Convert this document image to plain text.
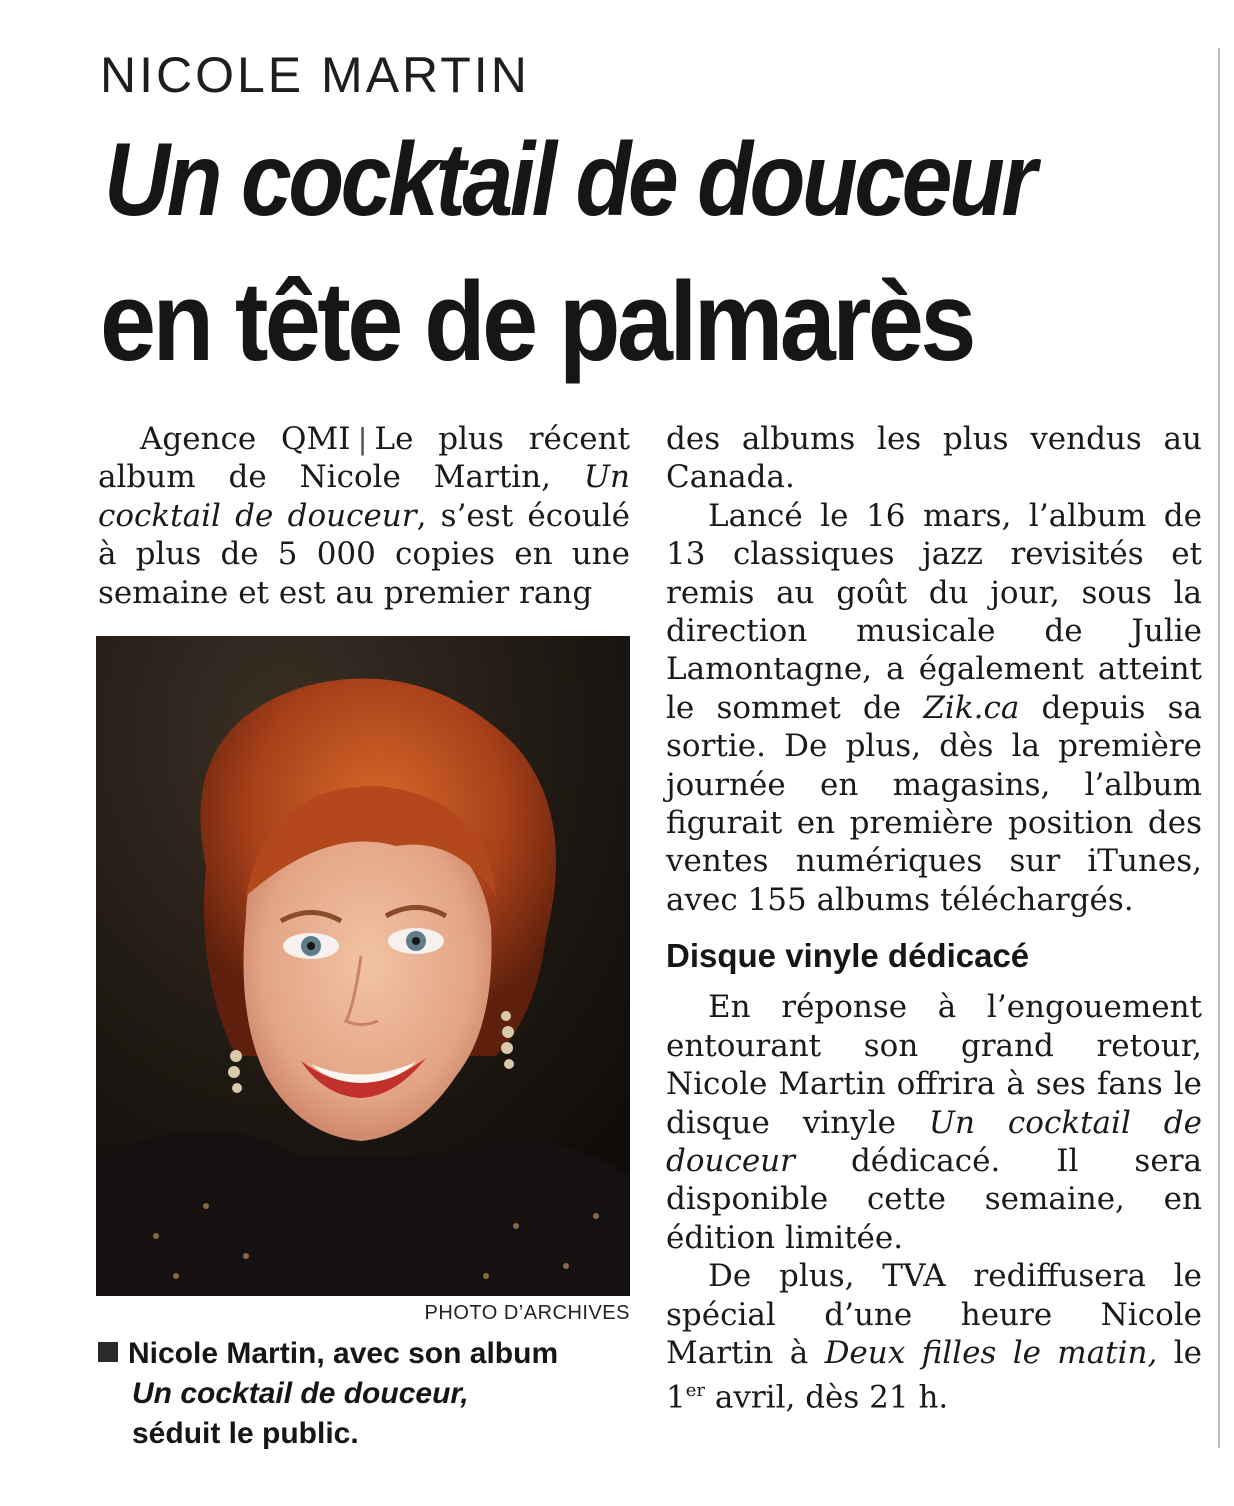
NICOLE MARTIN
Un cocktail de douceur
en tête de palmarès

Agence QMI | Le plus récent album de Nicole Martin, Un cocktail de douceur, s’est écoulé à plus de 5 000 copies en une semaine et est au premier rang

PHOTO D’ARCHIVES
Nicole Martin, avec son album
Un cocktail de douceur,
séduit le public.

des albums les plus vendus au Canada.

Lancé le 16 mars, l’album de 13 classiques jazz revisités et remis au goût du jour, sous la direction musicale de Julie Lamontagne, a également atteint le sommet de Zik.ca depuis sa sortie. De plus, dès la première journée en magasins, l’album figurait en première position des ventes numériques sur iTunes, avec 155 albums téléchargés.

Disque vinyle dédicacé

En réponse à l’engouement entourant son grand retour, Nicole Martin offrira à ses fans le disque vinyle Un cocktail de douceur dédicacé. Il sera disponible cette semaine, en édition limitée.

De plus, TVA rediffusera le spécial d’une heure Nicole Martin à Deux filles le matin, le 1er avril, dès 21 h.
